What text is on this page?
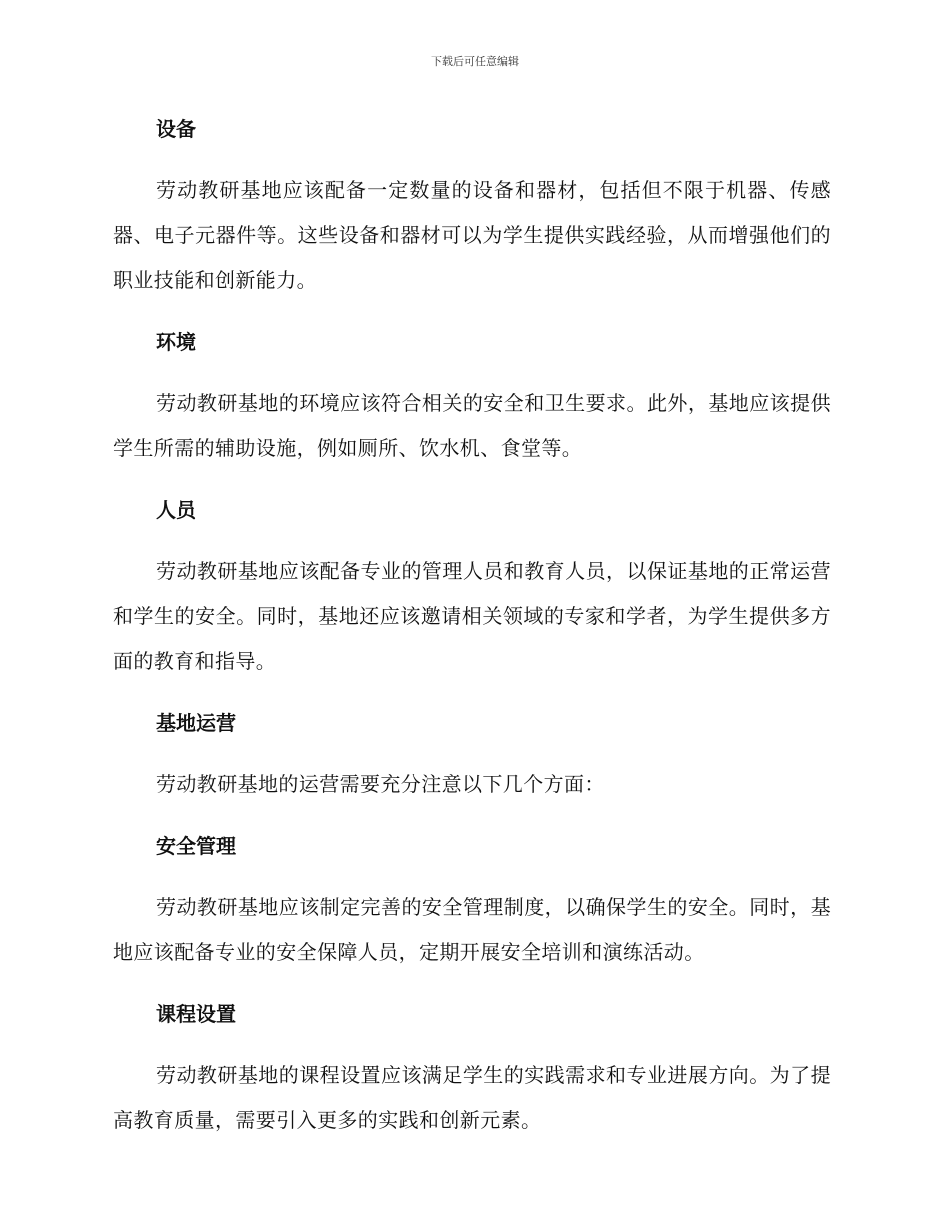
下载后可任意编辑
设备

劳动教研基地应该配备一定数量的设备和器材，包括但不限于机器、传感器、电子元器件等。这些设备和器材可以为学生提供实践经验，从而增强他们的职业技能和创新能力。

环境

劳动教研基地的环境应该符合相关的安全和卫生要求。此外，基地应该提供学生所需的辅助设施，例如厕所、饮水机、食堂等。

人员

劳动教研基地应该配备专业的管理人员和教育人员，以保证基地的正常运营和学生的安全。同时，基地还应该邀请相关领域的专家和学者，为学生提供多方面的教育和指导。

基地运营

劳动教研基地的运营需要充分注意以下几个方面：

安全管理

劳动教研基地应该制定完善的安全管理制度，以确保学生的安全。同时，基地应该配备专业的安全保障人员，定期开展安全培训和演练活动。

课程设置

劳动教研基地的课程设置应该满足学生的实践需求和专业进展方向。为了提高教育质量，需要引入更多的实践和创新元素。
